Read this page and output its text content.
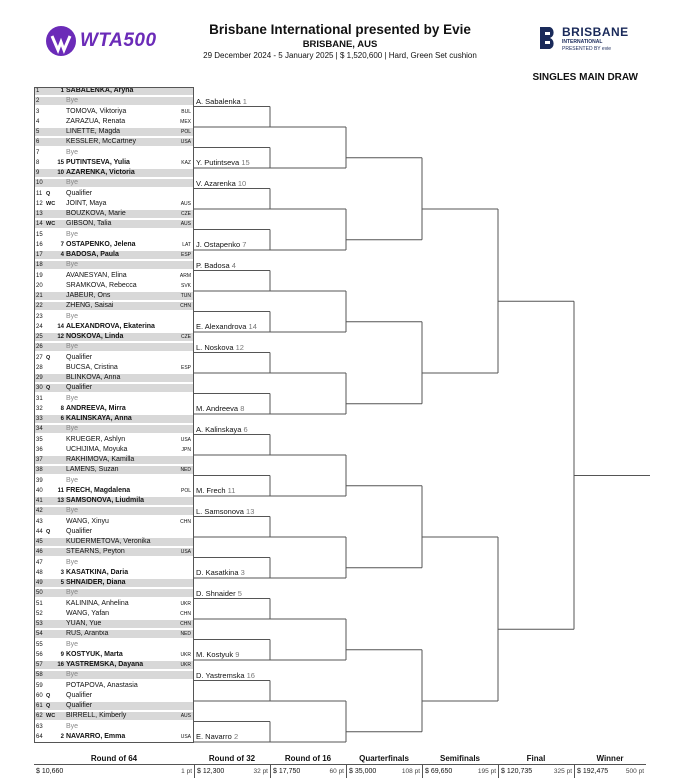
WTA500
Brisbane International presented by Evie
BRISBANE, AUS
29 December 2024 - 5 January 2025 | $ 1,520,600 | Hard, Green Set cushion
BRISBANE
INTERNATIONAL
PRESENTED BY evie
SINGLES MAIN DRAW
1	1 SABALENKA, Aryna
2	Bye
3	TOMOVA, Viktoriya	BUL
4	ZARAZUA, Renata	MEX
5	LINETTE, Magda	POL
6	KESSLER, McCartney	USA
7	Bye
8	15 PUTINTSEVA, Yulia	KAZ
9	10 AZARENKA, Victoria
10	Bye
11 Q	Qualifier
12 WC	JOINT, Maya	AUS
13	BOUZKOVA, Marie	CZE
14 WC	GIBSON, Talia	AUS
15	Bye
16	7 OSTAPENKO, Jelena	LAT
17	4 BADOSA, Paula	ESP
18	Bye
19	AVANESYAN, Elina	ARM
20	SRAMKOVA, Rebecca	SVK
21	JABEUR, Ons	TUN
22	ZHENG, Saisai	CHN
23	Bye
24	14 ALEXANDROVA, Ekaterina
25	12 NOSKOVA, Linda	CZE
26	Bye
27 Q	Qualifier
28	BUCSA, Cristina	ESP
29	BLINKOVA, Anna
30 Q	Qualifier
31	Bye
32	8 ANDREEVA, Mirra
33	6 KALINSKAYA, Anna
34	Bye
35	KRUEGER, Ashlyn	USA
36	UCHIJIMA, Moyuka	JPN
37	RAKHIMOVA, Kamilla
38	LAMENS, Suzan	NED
39	Bye
40	11 FRECH, Magdalena	POL
41	13 SAMSONOVA, Liudmila
42	Bye
43	WANG, Xinyu	CHN
44 Q	Qualifier
45	KUDERMETOVA, Veronika
46	STEARNS, Peyton	USA
47	Bye
48	3 KASATKINA, Daria
49	5 SHNAIDER, Diana
50	Bye
51	KALININA, Anhelina	UKR
52	WANG, Yafan	CHN
53	YUAN, Yue	CHN
54	RUS, Arantxa	NED
55	Bye
56	9 KOSTYUK, Marta	UKR
57	16 YASTREMSKA, Dayana	UKR
58	Bye
59	POTAPOVA, Anastasia
60 Q	Qualifier
61 Q	Qualifier
62 WC	BIRRELL, Kimberly	AUS
63	Bye
64	2 NAVARRO, Emma	USA
A. Sabalenka 1
Y. Putintseva 15
V. Azarenka 10
J. Ostapenko 7
P. Badosa 4
E. Alexandrova 14
L. Noskova 12
M. Andreeva 8
A. Kalinskaya 6
M. Frech 11
L. Samsonova 13
D. Kasatkina 3
D. Shnaider 5
M. Kostyuk 9
D. Yastremska 16
E. Navarro 2
Round of 64	Round of 32	Round of 16	Quarterfinals	Semifinals	Final	Winner
$ 10,660	1 pt $ 12,300	32 pt $ 17,750	60 pt $ 35,000	108 pt $ 69,650	195 pt $ 120,735	325 pt $ 192,475	500 pt
